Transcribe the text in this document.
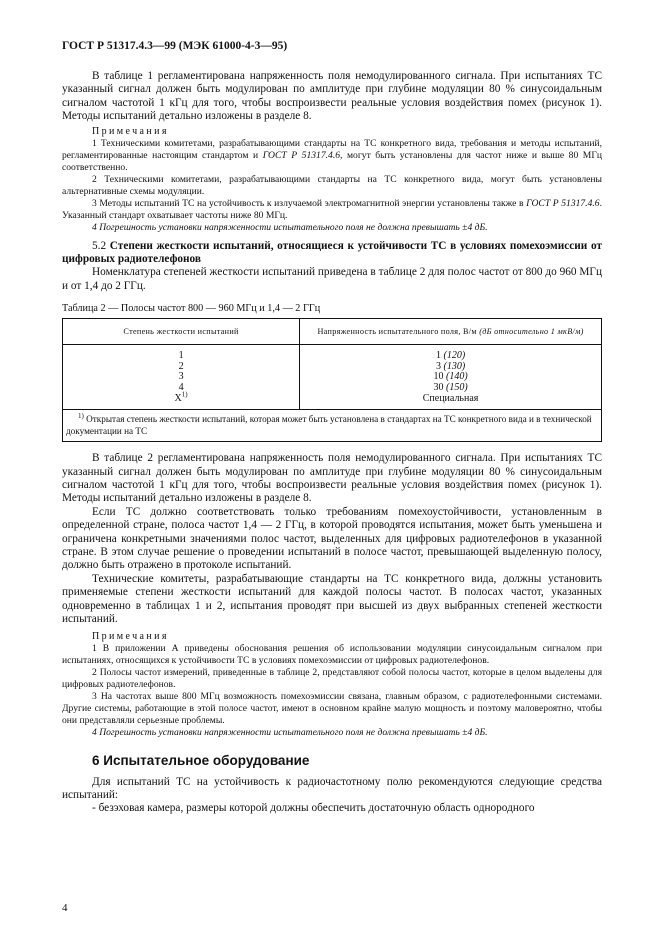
ГОСТ Р 51317.4.3—99 (МЭК 61000-4-3—95)

В таблице 1 регламентирована напряженность поля немодулированного сигнала. При испытаниях ТС указанный сигнал должен быть модулирован по амплитуде при глубине модуляции 80 % синусоидальным сигналом частотой 1 кГц для того, чтобы воспроизвести реальные условия воздействия помех (рисунок 1). Методы испытаний детально изложены в разделе 8.

Примечания

1 Техническими комитетами, разрабатывающими стандарты на ТС конкретного вида, требования и методы испытаний, регламентированные настоящим стандартом и ГОСТ Р 51317.4.6, могут быть установлены для частот ниже и выше 80 МГц соответственно.

2 Техническими комитетами, разрабатывающими стандарты на ТС конкретного вида, могут быть установлены альтернативные схемы модуляции.

3 Методы испытаний ТС на устойчивость к излучаемой электромагнитной энергии установлены также в ГОСТ Р 51317.4.6. Указанный стандарт охватывает частоты ниже 80 МГц.

4 Погрешность установки напряженности испытательного поля не должна превышать ±4 дБ.

5.2 Степени жесткости испытаний, относящиеся к устойчивости ТС в условиях помехоэмиссии от цифровых радиотелефонов

Номенклатура степеней жесткости испытаний приведена в таблице 2 для полос частот от 800 до 960 МГц и от 1,4 до 2 ГГц.

Таблица 2 — Полосы частот 800 — 960 МГц и 1,4 — 2 ГГц
Степень жесткости испытаний	Напряженность испытательного поля, В/м (дБ относительно 1 мкВ/м)
1	1 (120)
2	3 (130)
3	10 (140)
4	30 (150)
$X^{1)}$	Специальная
$^{1)}$ Открытая степень жесткости испытаний, которая может быть установлена в стандартах на ТС конкретного вида и в технической документации на ТС	

В таблице 2 регламентирована напряженность поля немодулированного сигнала. При испытаниях ТС указанный сигнал должен быть модулирован по амплитуде при глубине модуляции 80 % синусоидальным сигналом частотой 1 кГц для того, чтобы воспроизвести реальные условия воздействия помех (рисунок 1). Методы испытаний детально изложены в разделе 8.

Если ТС должно соответствовать только требованиям помехоустойчивости, установленным в определенной стране, полоса частот 1,4 — 2 ГГц, в которой проводятся испытания, может быть уменьшена и ограничена конкретными значениями полос частот, выделенных для цифровых радиотелефонов в указанной стране. В этом случае решение о проведении испытаний в полосе частот, превышающей выделенную полосу, должно быть отражено в протоколе испытаний.

Технические комитеты, разрабатывающие стандарты на ТС конкретного вида, должны установить применяемые степени жесткости испытаний для каждой полосы частот. В полосах частот, указанных одновременно в таблицах 1 и 2, испытания проводят при высшей из двух выбранных степеней жесткости испытаний.

Примечания

1 В приложении А приведены обоснования решения об использовании модуляции синусоидальным сигналом при испытаниях, относящихся к устойчивости ТС в условиях помехоэмиссии от цифровых радиотелефонов.

2 Полосы частот измерений, приведенные в таблице 2, представляют собой полосы частот, которые в целом выделены для цифровых радиотелефонов.

3 На частотах выше 800 МГц возможность помехоэмиссии связана, главным образом, с радиотелефонными системами. Другие системы, работающие в этой полосе частот, имеют в основном крайне малую мощность и поэтому маловероятно, чтобы они представляли серьезные проблемы.

4 Погрешность установки напряженности испытательного поля не должна превышать ±4 дБ.

6 Испытательное оборудование

Для испытаний ТС на устойчивость к радиочастотному полю рекомендуются следующие средства испытаний:

- безэховая камера, размеры которой должны обеспечить достаточную область однородного

4
